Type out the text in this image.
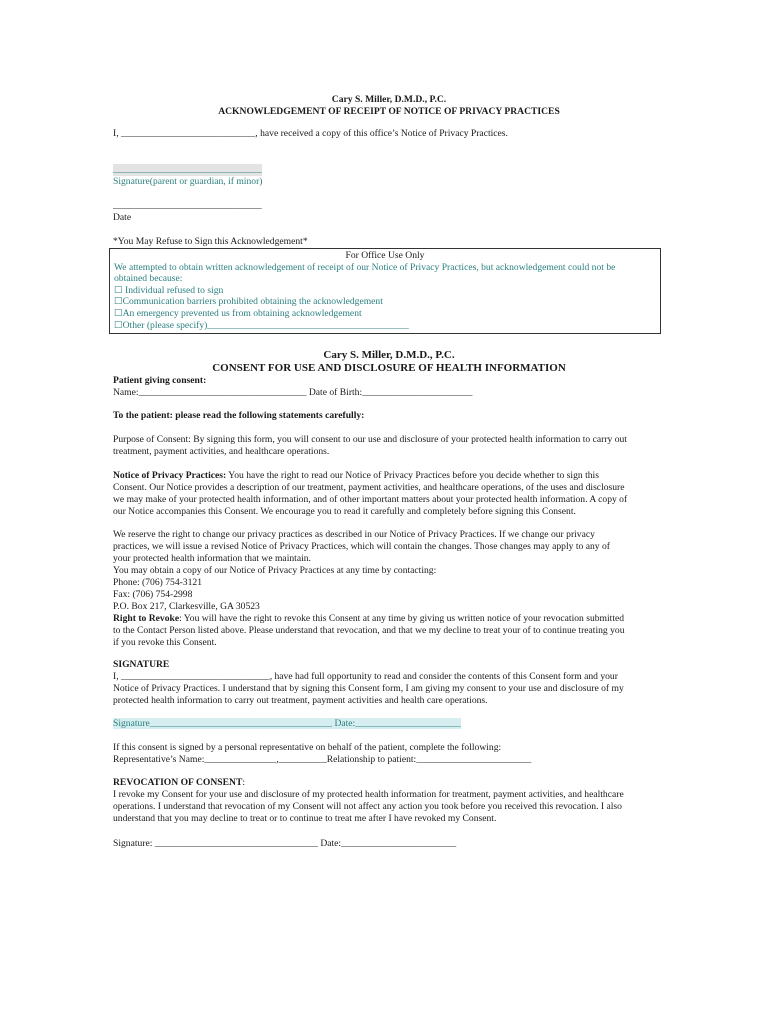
Cary S. Miller, D.M.D., P.C.

ACKNOWLEDGEMENT OF RECEIPT OF NOTICE OF PRIVACY PRACTICES

I, ____________________________, have received a copy of this office’s Notice of Privacy Practices.

_______________________________

Signature(parent or guardian, if minor)

_______________________________

Date

*You May Refuse to Sign this Acknowledgement*

For Office Use Only

We attempted to obtain written acknowledgement of receipt of our Notice of Privacy Practices, but acknowledgement could not be

obtained because:

☐ Individual refused to sign

☐Communication barriers prohibited obtaining the acknowledgement

☐An emergency prevented us from obtaining acknowledgement

☐Other (please specify)__________________________________________

Cary S. Miller, D.M.D., P.C.

CONSENT FOR USE AND DISCLOSURE OF HEALTH INFORMATION

Patient giving consent:

Name:___________________________________ Date of Birth:_______________________

To the patient: please read the following statements carefully:

Purpose of Consent: By signing this form, you will consent to our use and disclosure of your protected health information to carry out

treatment, payment activities, and healthcare operations.

Notice of Privacy Practices: You have the right to read our Notice of Privacy Practices before you decide whether to sign this

Consent. Our Notice provides a description of our treatment, payment activities, and healthcare operations, of the uses and disclosure

we may make of your protected health information, and of other important matters about your protected health information. A copy of

our Notice accompanies this Consent. We encourage you to read it carefully and completely before signing this Consent.

We reserve the right to change our privacy practices as described in our Notice of Privacy Practices. If we change our privacy

practices, we will issue a revised Notice of Privacy Practices, which will contain the changes. Those changes may apply to any of

your protected health information that we maintain.

You may obtain a copy of our Notice of Privacy Practices at any time by contacting:

Phone: (706) 754-3121

Fax: (706) 754-2998

P.O. Box 217, Clarkesville, GA 30523

Right to Revoke: You will have the right to revoke this Consent at any time by giving us written notice of your revocation submitted

to the Contact Person listed above. Please understand that revocation, and that we my decline to treat your of to continue treating you

if you revoke this Consent.

SIGNATURE

I, _______________________________, have had full opportunity to read and consider the contents of this Consent form and your

Notice of Privacy Practices. I understand that by signing this Consent form, I am giving my consent to your use and disclosure of my

protected health information to carry out treatment, payment activities and health care operations.

Signature______________________________________ Date:______________________

If this consent is signed by a personal representative on behalf of the patient, complete the following:

Representative’s Name:_______________,__________Relationship to patient:________________________

REVOCATION OF CONSENT:

I revoke my Consent for your use and disclosure of my protected health information for treatment, payment activities, and healthcare

operations. I understand that revocation of my Consent will not affect any action you took before you received this revocation. I also

understand that you may decline to treat or to continue to treat me after I have revoked my Consent.

Signature: __________________________________ Date:________________________
